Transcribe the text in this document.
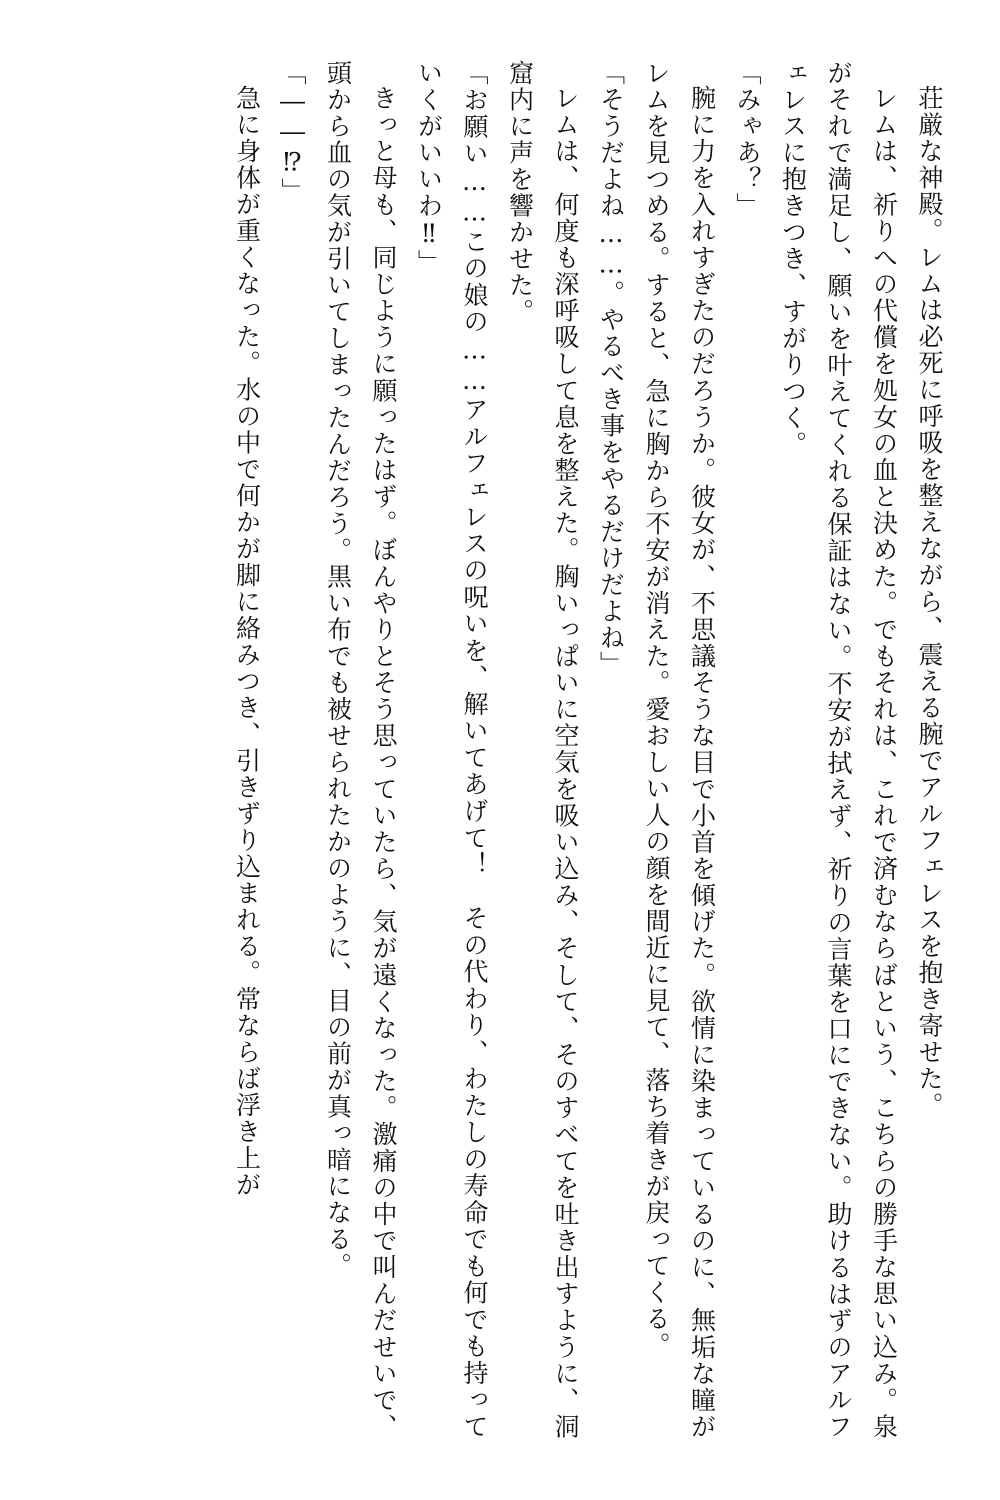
荘厳な神殿。レムは必死に呼吸を整えながら、震える腕でアルフェレスを抱き寄せた。

レムは、祈りへの代償を処女の血と決めた。でもそれは、これで済むならばという、こちらの勝手な思い込み。泉がそれで満足し、願いを叶えてくれる保証はない。不安が拭えず、祈りの言葉を口にできない。助けるはずのアルフェレスに抱きつき、すがりつく。

「みゃあ？」

腕に力を入れすぎたのだろうか。彼女が、不思議そうな目で小首を傾げた。欲情に染まっているのに、無垢な瞳がレムを見つめる。すると、急に胸から不安が消えた。愛おしい人の顔を間近に見て、落ち着きが戻ってくる。

「そうだよね……。やるべき事をやるだけだよね」

レムは、何度も深呼吸して息を整えた。胸いっぱいに空気を吸い込み、そして、そのすべてを吐き出すように、洞窟内に声を響かせた。

「お願い……この娘の……アルフェレスの呪いを、解いてあげて！　その代わり、わたしの寿命でも何でも持っていくがいいわ‼」

きっと母も、同じように願ったはず。ぼんやりとそう思っていたら、気が遠くなった。激痛の中で叫んだせいで、頭から血の気が引いてしまったんだろう。黒い布でも被せられたかのように、目の前が真っ暗になる。

「――⁉」

急に身体が重くなった。水の中で何かが脚に絡みつき、引きずり込まれる。常ならば浮き上が
